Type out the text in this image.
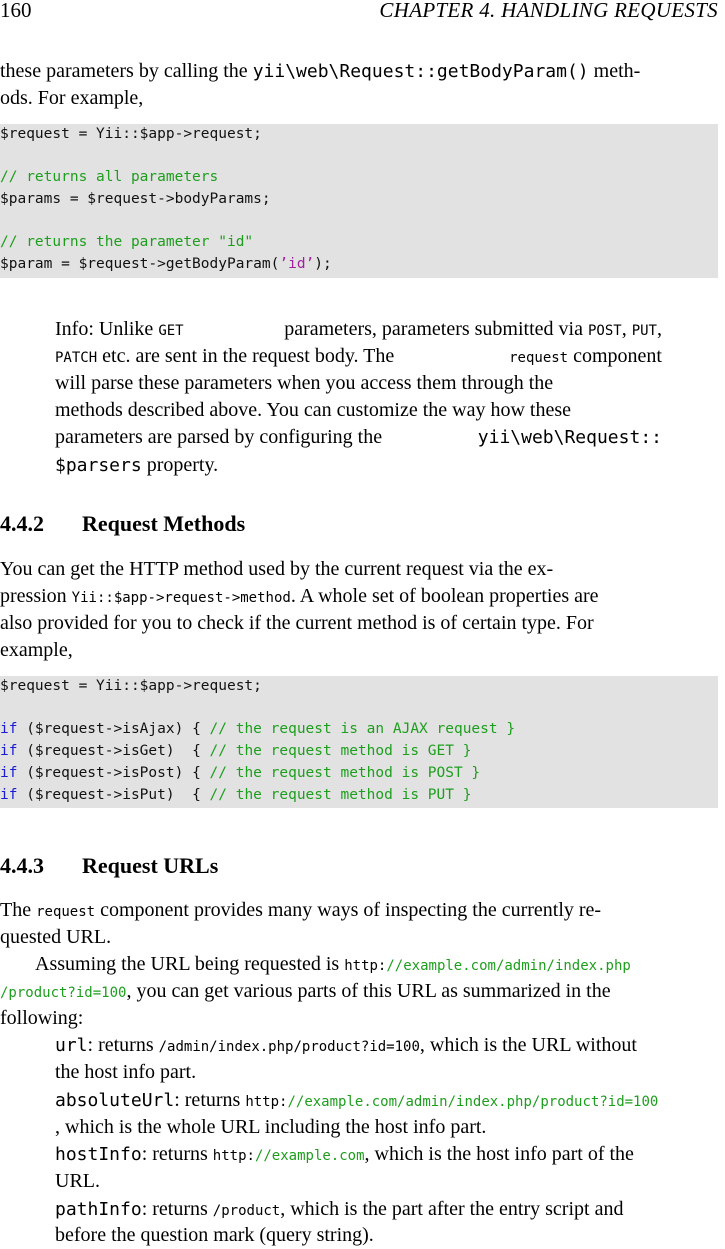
160	CHAPTER 4. HANDLING REQUESTS
these parameters by calling the yii\web\Request::getBodyParam() meth-
ods. For example,
$request = Yii::$app->request;
// returns all parameters
$params = $request->bodyParams;
// returns the parameter "id"
$param = $request->getBodyParam(’id’);
Info: Unlike GET	parameters, parameters submitted via POST, PUT,
PATCH etc. are sent in the request body. The	request component
will parse these parameters when you access them through the
methods described above. You can customize the way how these
parameters are parsed by configuring the	yii\web\Request::
$parsers property.
4.4.2 Request Methods
You can get the HTTP method used by the current request via the ex-
pression Yii::$app->request->method. A whole set of boolean properties are
also provided for you to check if the current method is of certain type. For
example,
$request = Yii::$app->request;
if ($request->isAjax) { // the request is an AJAX request }
if ($request->isGet)  { // the request method is GET }
if ($request->isPost) { // the request method is POST }
if ($request->isPut)  { // the request method is PUT }
4.4.3 Request URLs
The request component provides many ways of inspecting the currently re-
quested URL.
Assuming the URL being requested is http://example.com/admin/index.php
/product?id=100, you can get various parts of this URL as summarized in the
following:
url: returns /admin/index.php/product?id=100, which is the URL without
the host info part.
absoluteUrl: returns http://example.com/admin/index.php/product?id=100
, which is the whole URL including the host info part.
hostInfo: returns http://example.com, which is the host info part of the
URL.
pathInfo: returns /product, which is the part after the entry script and
before the question mark (query string).
